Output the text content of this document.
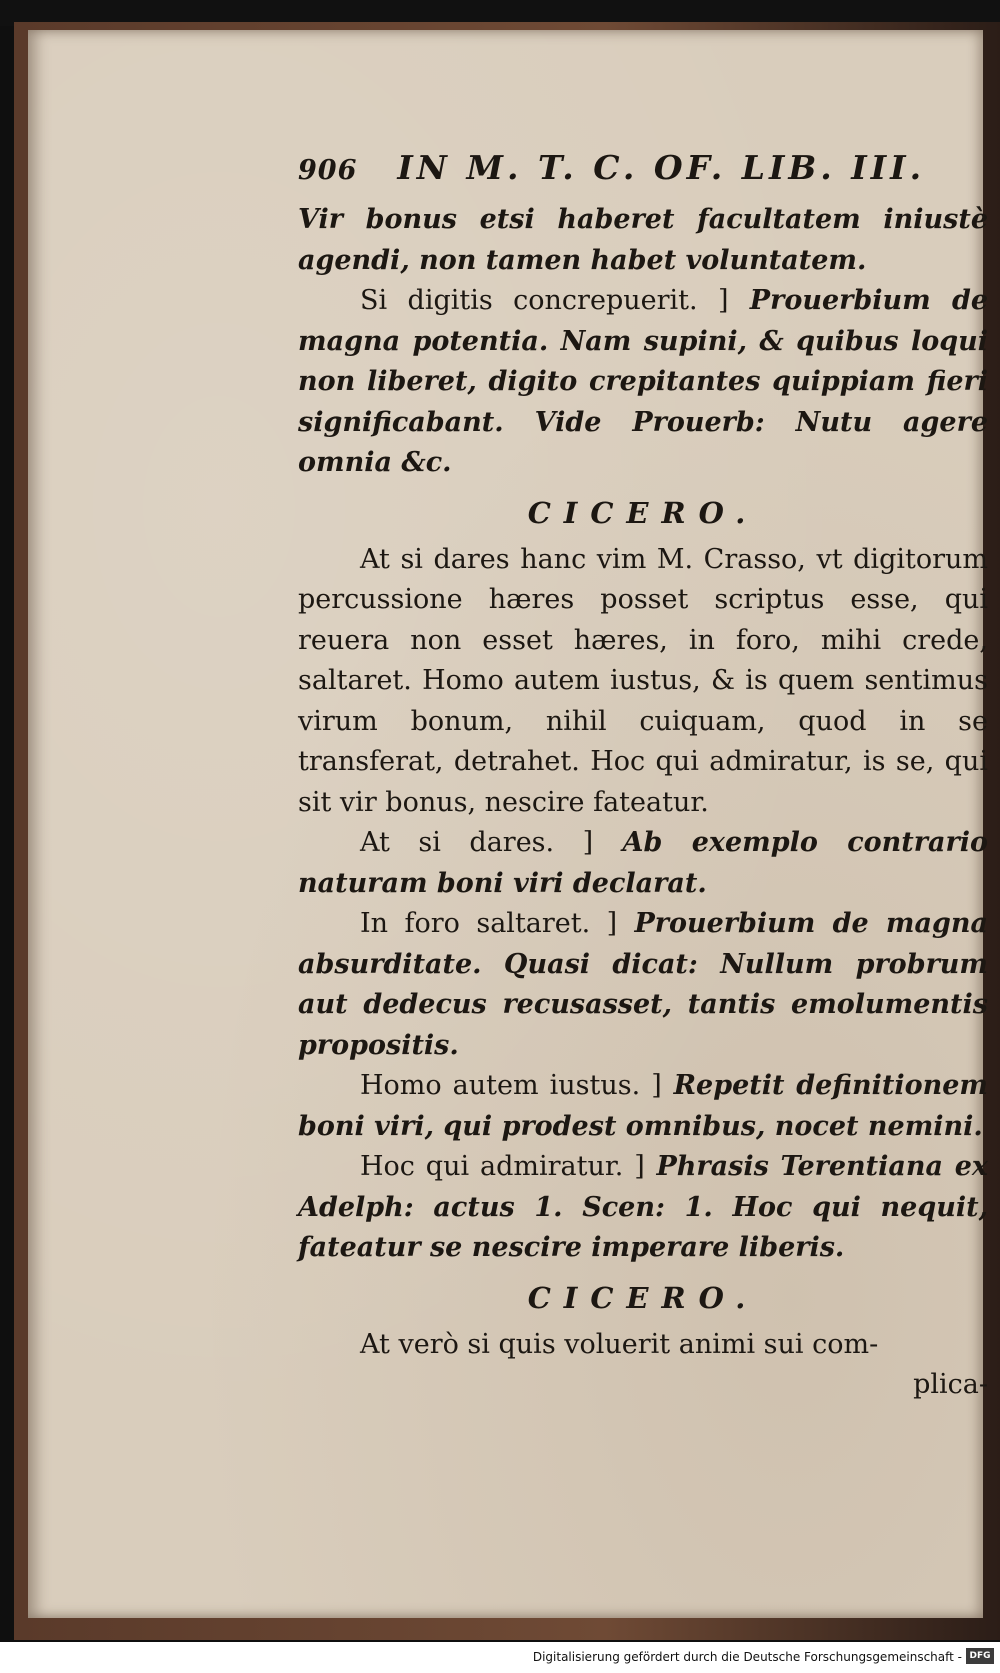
906 IN M. T. C. OF. LIB. III.

Vir bonus etsi haberet facultatem iniustè agendi, non tamen habet voluntatem.

Si digitis concrepuerit. ] Prouerbium de magna potentia. Nam supini, & quibus loqui non liberet, digito crepitantes quippiam fieri significabant. Vide Prouerb: Nutu agere omnia &c.

CICERO.

At si dares hanc vim M. Crasso, vt digitorum percussione hæres posset scriptus esse, qui reuera non esset hæres, in foro, mihi crede, saltaret. Homo autem iustus, & is quem sentimus virum bonum, nihil cuiquam, quod in se transferat, detrahet. Hoc qui admiratur, is se, qui sit vir bonus, nescire fateatur.

At si dares. ] Ab exemplo contrario naturam boni viri declarat.

In foro saltaret. ] Prouerbium de magna absurditate. Quasi dicat: Nullum probrum aut dedecus recusasset, tantis emolumentis propositis.

Homo autem iustus. ] Repetit definitionem boni viri, qui prodest omnibus, nocet nemini.

Hoc qui admiratur. ] Phrasis Terentiana ex Adelph: actus 1. Scen: 1. Hoc qui nequit, fateatur se nescire imperare liberis.

CICERO.

At verò si quis voluerit animi sui com-

plica-

Digitalisierung gefördert durch die Deutsche Forschungsgemeinschaft - DFG
